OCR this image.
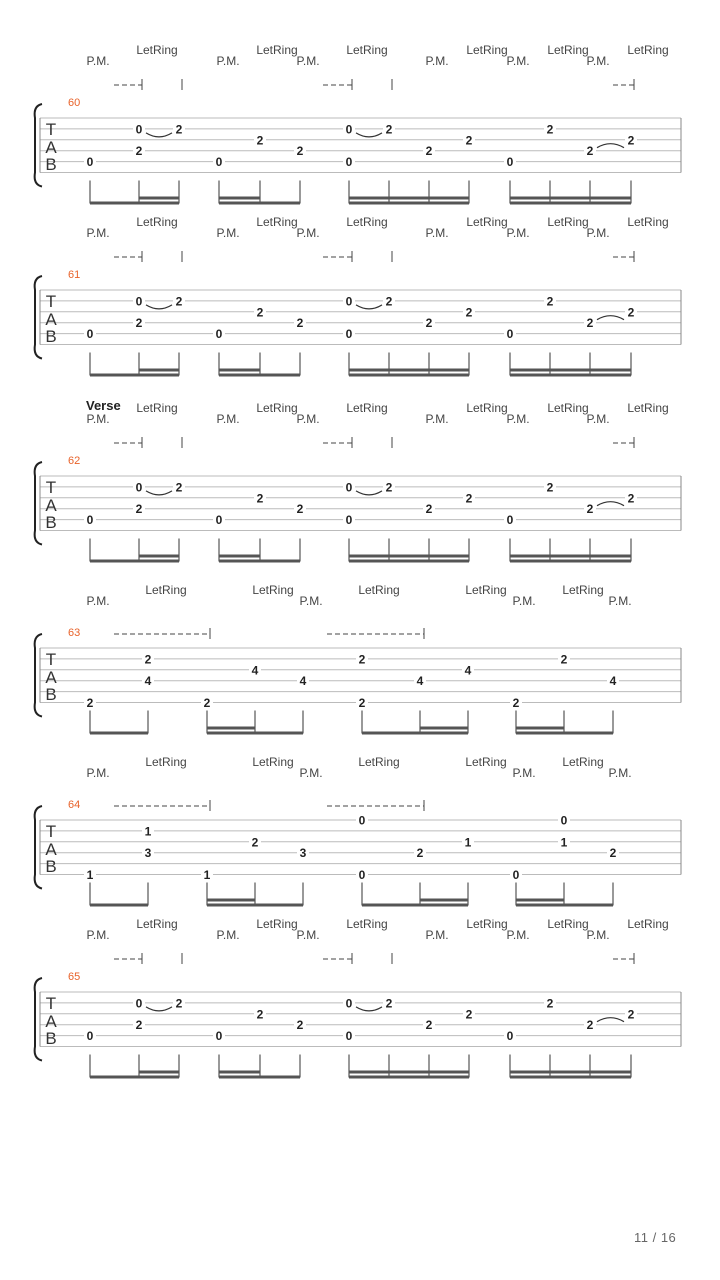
T
A
B
60
0
2
0	2
0
2
2
0
0	2
2
2
0
2
2
2
P.M.	P.M.	P.M.	P.M.	P.M.	P.M.
LetRing	LetRing	LetRing	LetRing	LetRing	LetRing
T
A
B
61
0
2
0	2
0
2
2
0
0	2
2
2
0
2
2
2
P.M.	P.M.	P.M.	P.M.	P.M.	P.M.
LetRing	LetRing	LetRing	LetRing	LetRing	LetRing
T
A
B
62
Verse
0
2
0	2
0
2
2
0
0	2
2
2
0
2
2
2
P.M.	P.M.	P.M.	P.M.	P.M.	P.M.
LetRing	LetRing	LetRing	LetRing	LetRing	LetRing
T
A
B
63
2
2
4
2
4
4
2
2
4
4
2
2
4
P.M.	P.M.	P.M.	P.M.
LetRing	LetRing	LetRing	LetRing	LetRing
T
A
B
64
1
1
3
1
2
3
0
0
2
1
0
0
1
2
P.M.	P.M.	P.M.	P.M.
LetRing	LetRing	LetRing	LetRing	LetRing
T
A
B
65
0
2
0	2
0
2
2
0
0	2
2
2
0
2
2
2
P.M.	P.M.	P.M.	P.M.	P.M.	P.M.
LetRing	LetRing	LetRing	LetRing	LetRing	LetRing
11 / 16
